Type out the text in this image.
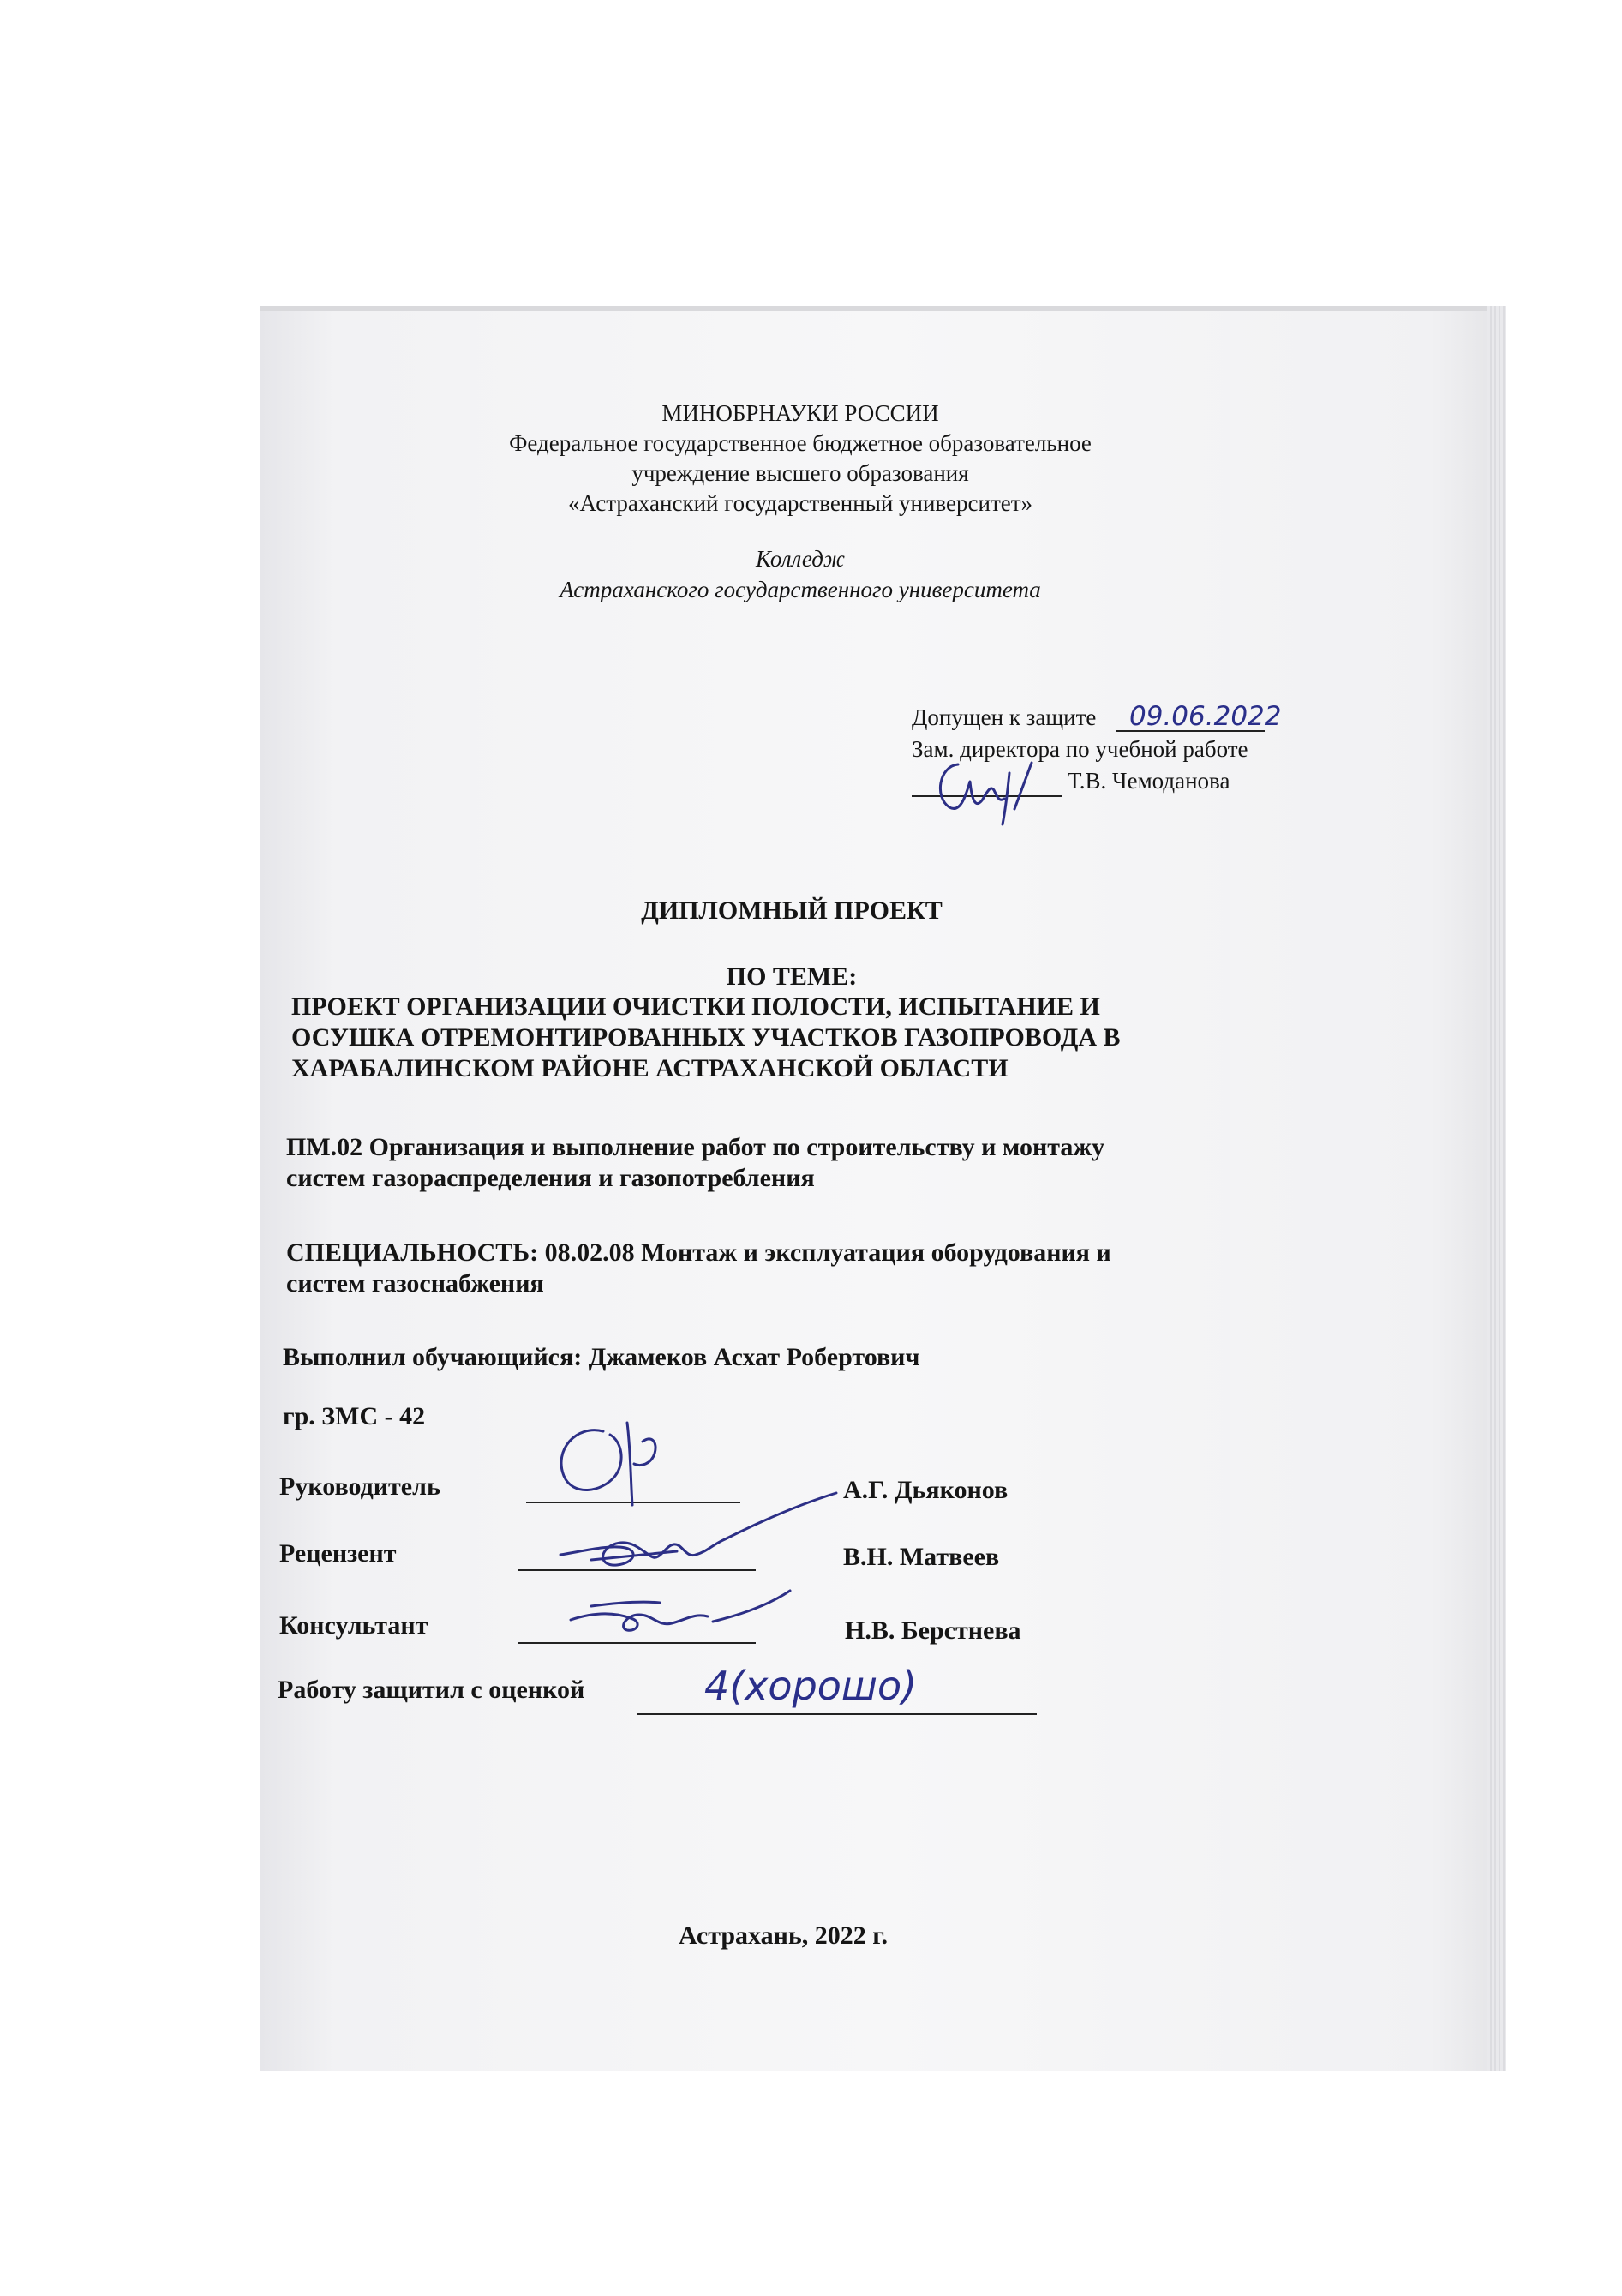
МИНОБРНАУКИ РОССИИ
Федеральное государственное бюджетное образовательное
учреждение высшего образования
«Астраханский государственный университет»
Колледж
Астраханского государственного университета
Допущен к защите 09.06.2022
Зам. директора по учебной работе
Т.В. Чемоданова
ДИПЛОМНЫЙ ПРОЕКТ
ПО ТЕМЕ:
ПРОЕКТ ОРГАНИЗАЦИИ ОЧИСТКИ ПОЛОСТИ, ИСПЫТАНИЕ И
ОСУШКА ОТРЕМОНТИРОВАННЫХ УЧАСТКОВ ГАЗОПРОВОДА В
ХАРАБАЛИНСКОМ РАЙОНЕ АСТРАХАНСКОЙ ОБЛАСТИ
ПМ.02 Организация и выполнение работ по строительству и монтажу
систем газораспределения и газопотребления
СПЕЦИАЛЬНОСТЬ: 08.02.08 Монтаж и эксплуатация оборудования и
систем газоснабжения
Выполнил обучающийся: Джамеков Асхат Робертович
гр. ЗМС - 42
Руководитель	А.Г. Дьяконов
Рецензент	В.Н. Матвеев
Консультант	Н.В. Берстнева
Работу защитил с оценкой	4(хорошо)
Астрахань, 2022 г.
